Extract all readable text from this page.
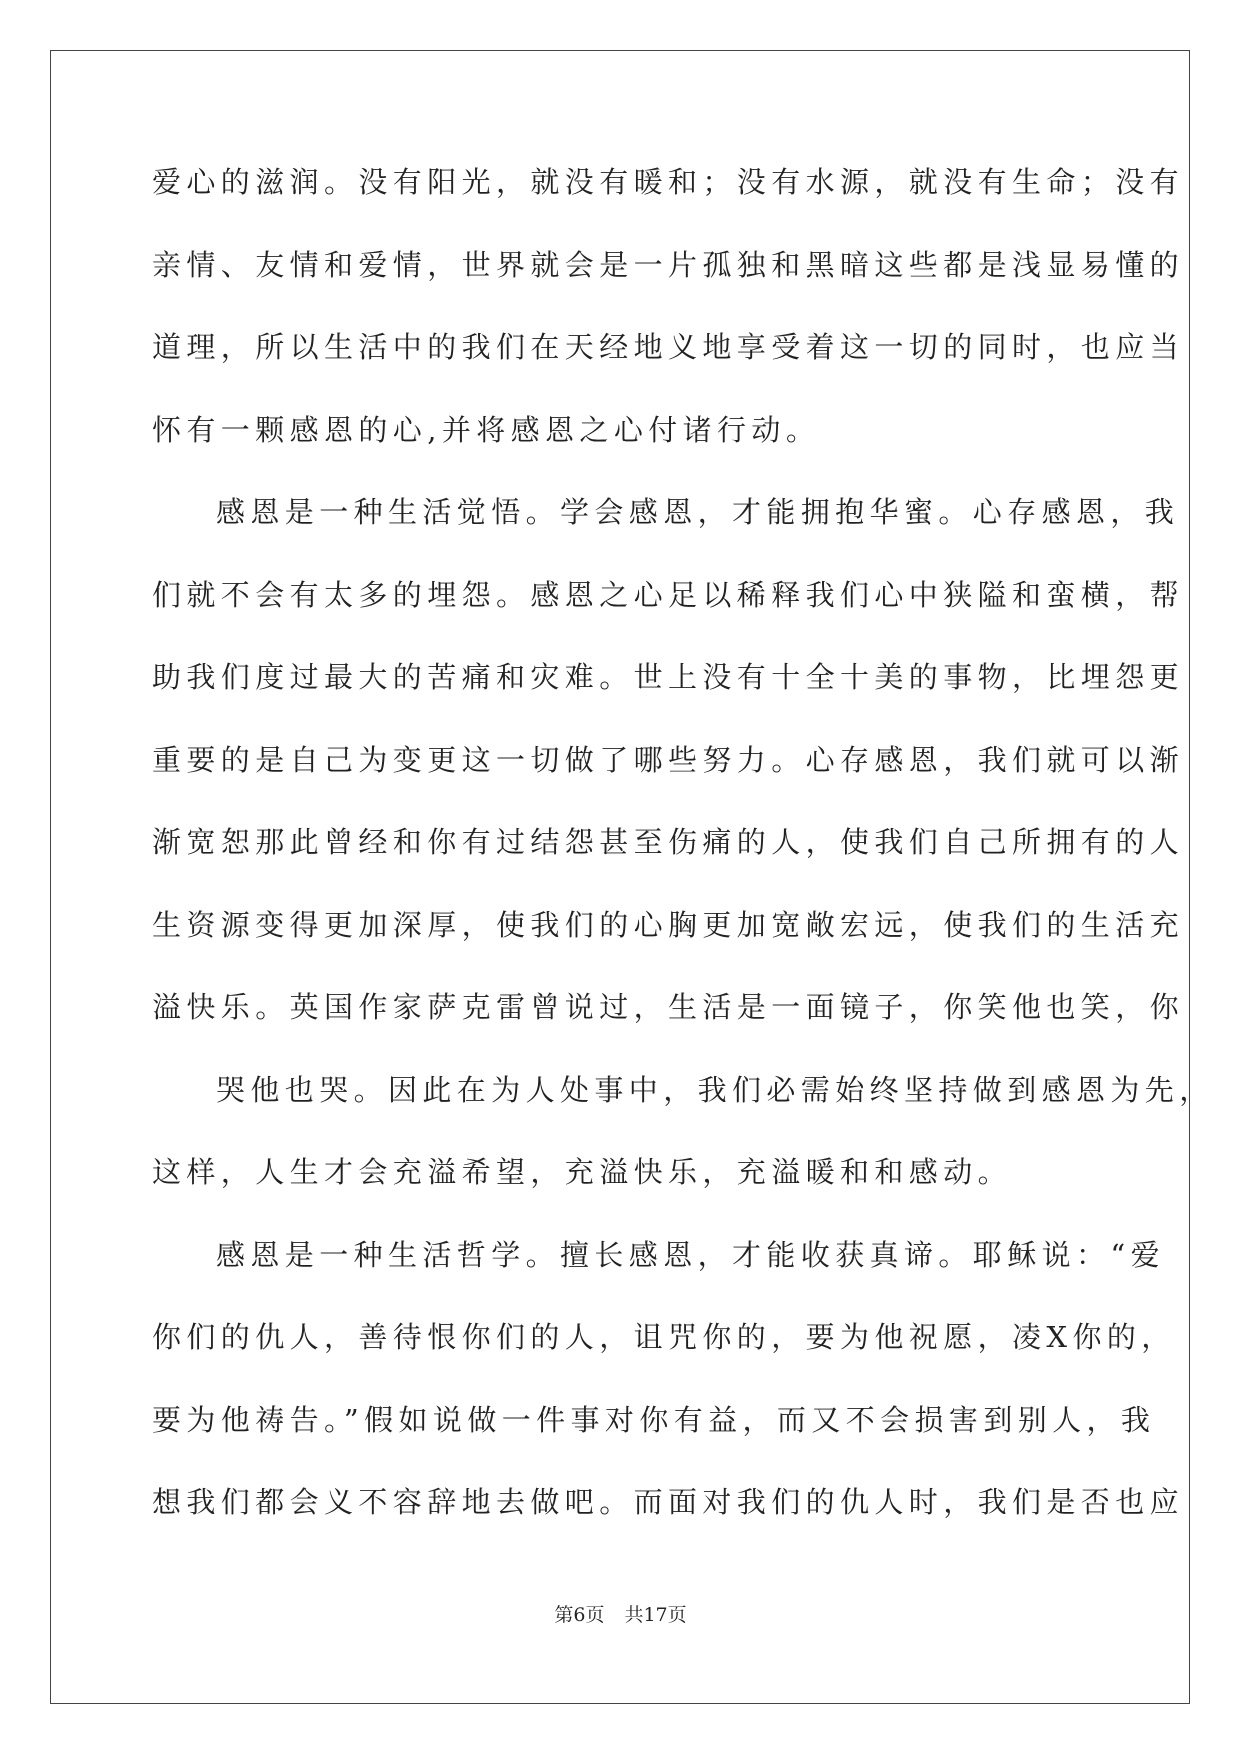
爱心的滋润。没有阳光，就没有暖和；没有水源，就没有生命；没有
亲情、友情和爱情，世界就会是一片孤独和黑暗这些都是浅显易懂的
道理，所以生活中的我们在天经地义地享受着这一切的同时，也应当
怀有一颗感恩的心,并将感恩之心付诸行动。
感恩是一种生活觉悟。学会感恩，才能拥抱华蜜。心存感恩，我
们就不会有太多的埋怨。感恩之心足以稀释我们心中狭隘和蛮横，帮
助我们度过最大的苦痛和灾难。世上没有十全十美的事物，比埋怨更
重要的是自己为变更这一切做了哪些努力。心存感恩，我们就可以渐
渐宽恕那此曾经和你有过结怨甚至伤痛的人，使我们自己所拥有的人
生资源变得更加深厚，使我们的心胸更加宽敞宏远，使我们的生活充
溢快乐。英国作家萨克雷曾说过，生活是一面镜子，你笑他也笑，你
哭他也哭。因此在为人处事中，我们必需始终坚持做到感恩为先，
这样，人生才会充溢希望，充溢快乐，充溢暖和和感动。
感恩是一种生活哲学。擅长感恩，才能收获真谛。耶稣说：“爱
你们的仇人，善待恨你们的人，诅咒你的，要为他祝愿，凌X你的，
要为他祷告。”假如说做一件事对你有益，而又不会损害到别人，我
想我们都会义不容辞地去做吧。而面对我们的仇人时，我们是否也应
第6页 共17页
